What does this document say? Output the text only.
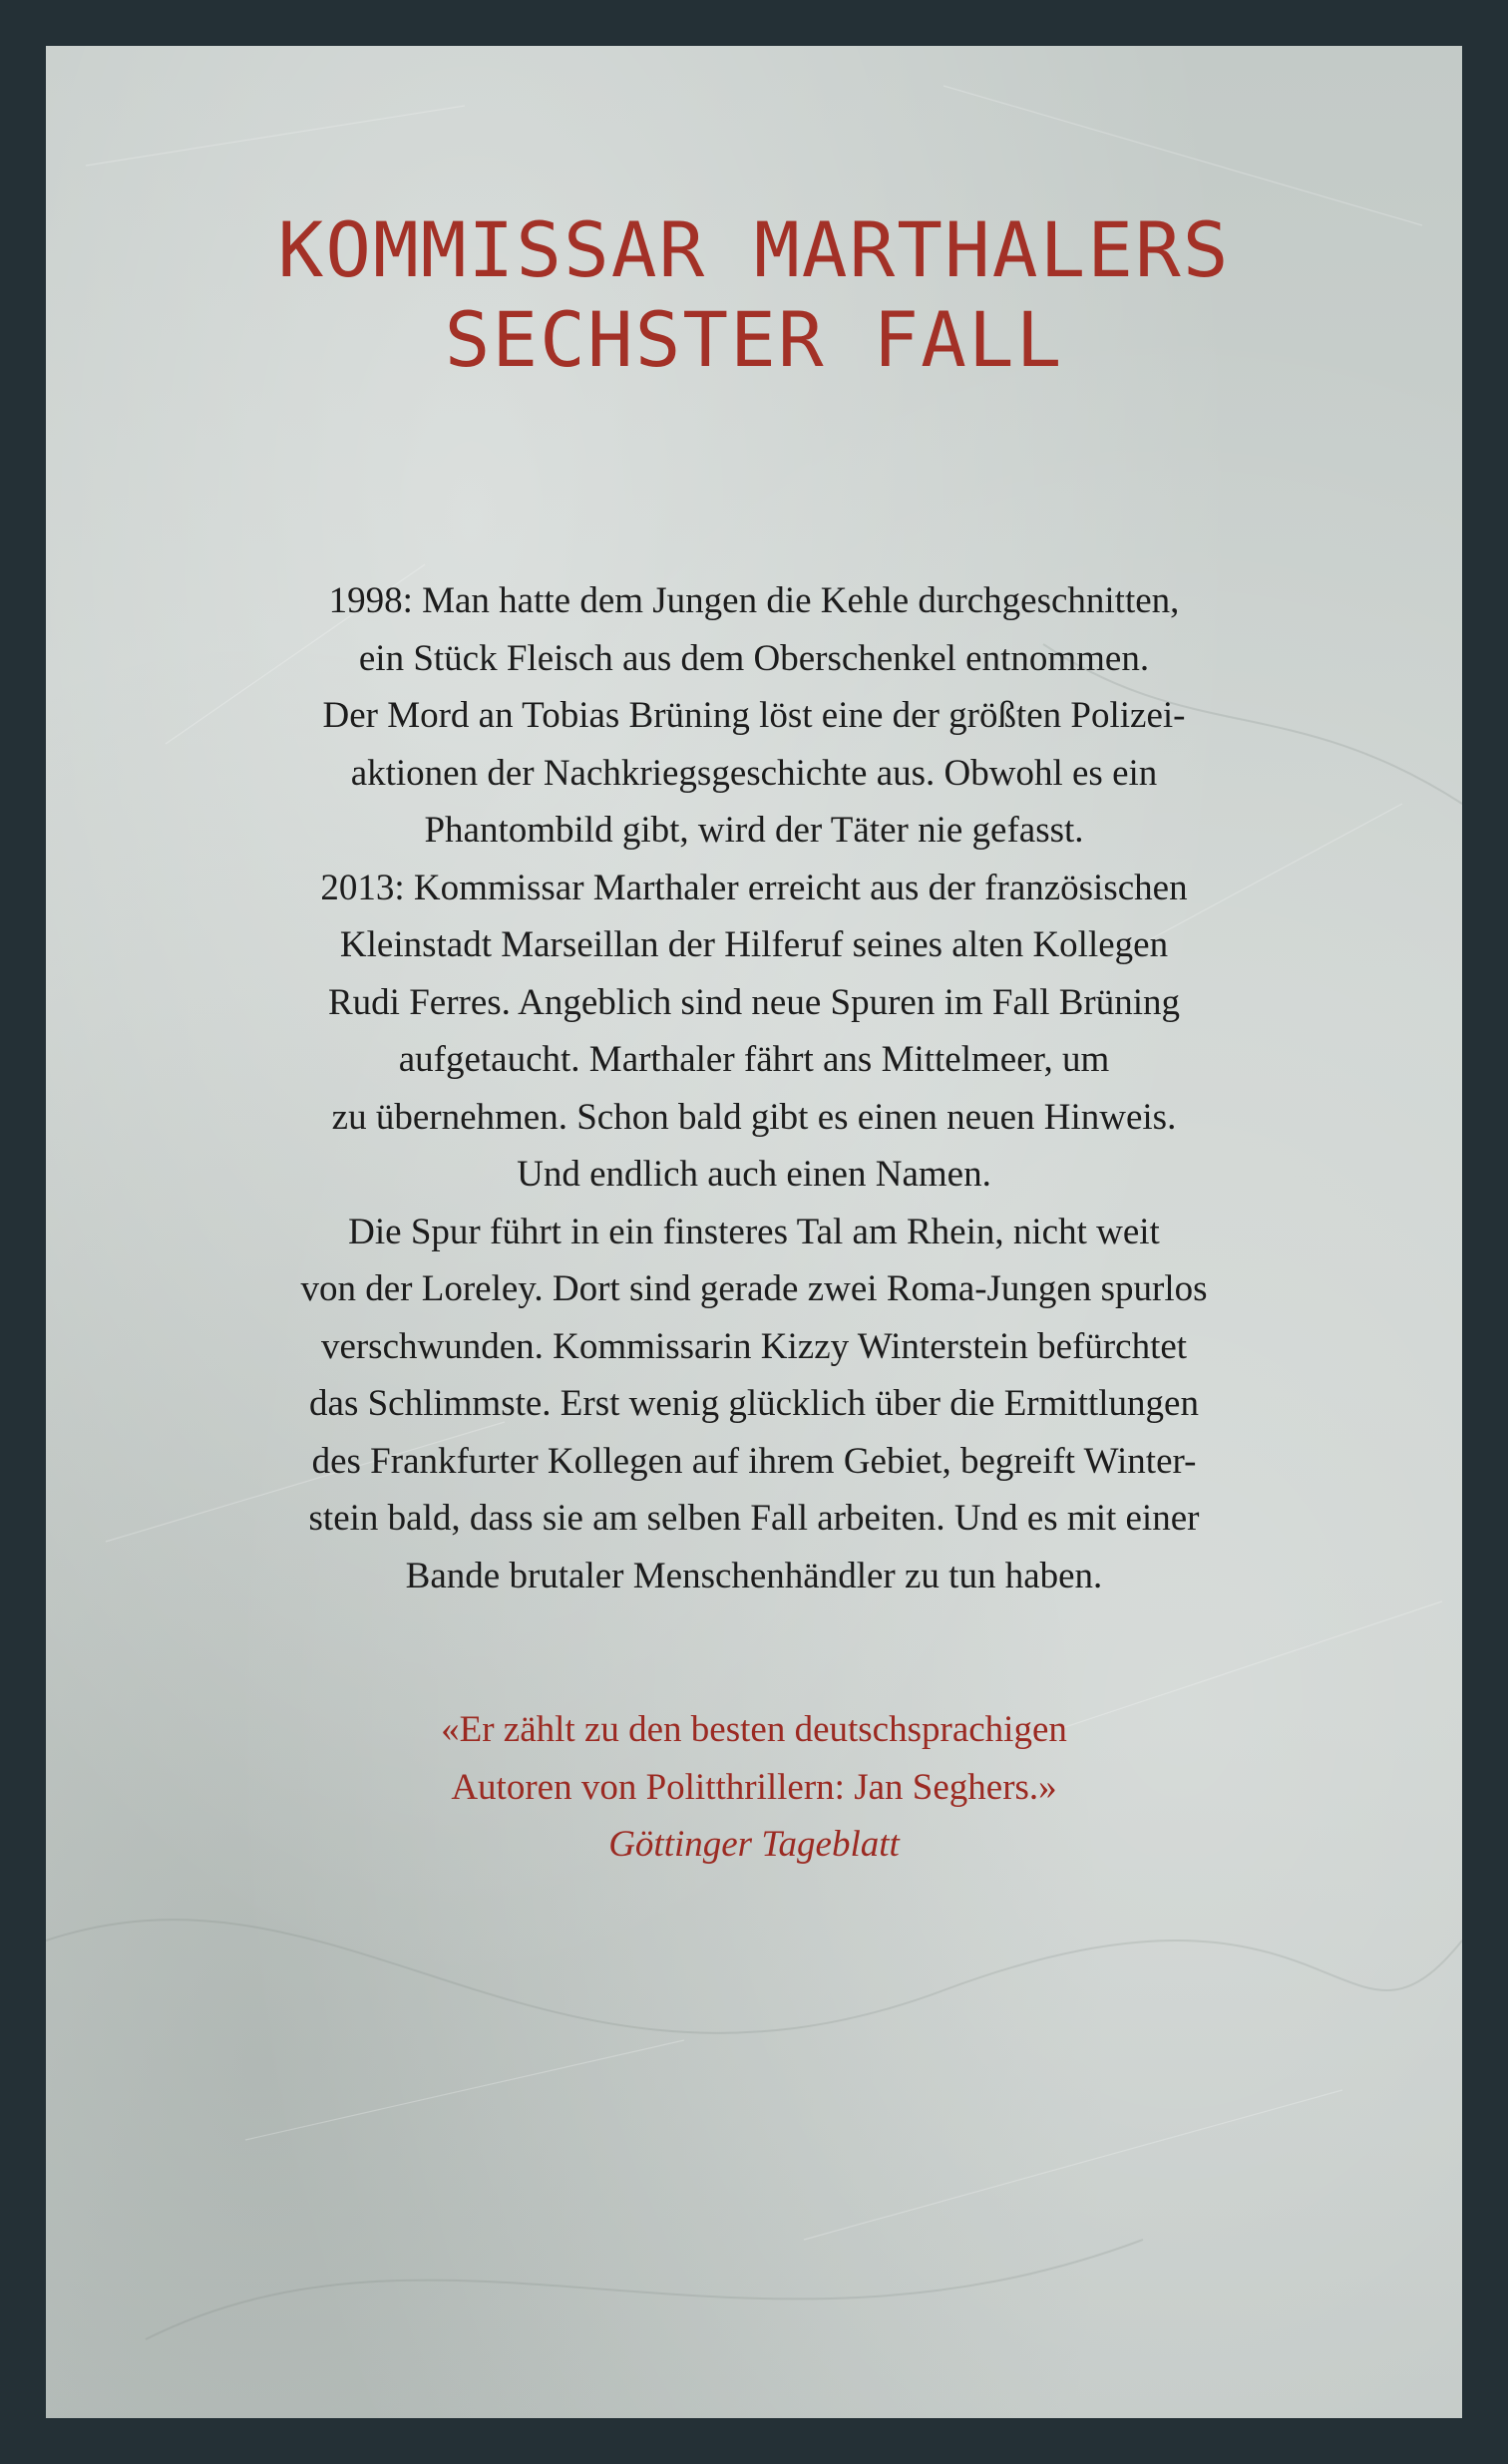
KOMMISSAR MARTHALERS
SECHSTER FALL
1998: Man hatte dem Jungen die Kehle durchgeschnitten,
ein Stück Fleisch aus dem Oberschenkel entnommen.
Der Mord an Tobias Brüning löst eine der größten Polizei-
aktionen der Nachkriegsgeschichte aus. Obwohl es ein
Phantombild gibt, wird der Täter nie gefasst.
2013: Kommissar Marthaler erreicht aus der französischen
Kleinstadt Marseillan der Hilferuf seines alten Kollegen
Rudi Ferres. Angeblich sind neue Spuren im Fall Brüning
aufgetaucht. Marthaler fährt ans Mittelmeer, um
zu übernehmen. Schon bald gibt es einen neuen Hinweis.
Und endlich auch einen Namen.
Die Spur führt in ein finsteres Tal am Rhein, nicht weit
von der Loreley. Dort sind gerade zwei Roma-Jungen spurlos
verschwunden. Kommissarin Kizzy Winterstein befürchtet
das Schlimmste. Erst wenig glücklich über die Ermittlungen
des Frankfurter Kollegen auf ihrem Gebiet, begreift Winter-
stein bald, dass sie am selben Fall arbeiten. Und es mit einer
Bande brutaler Menschenhändler zu tun haben.
«Er zählt zu den besten deutschsprachigen
Autoren von Politthrillern: Jan Seghers.»
Göttinger Tageblatt
